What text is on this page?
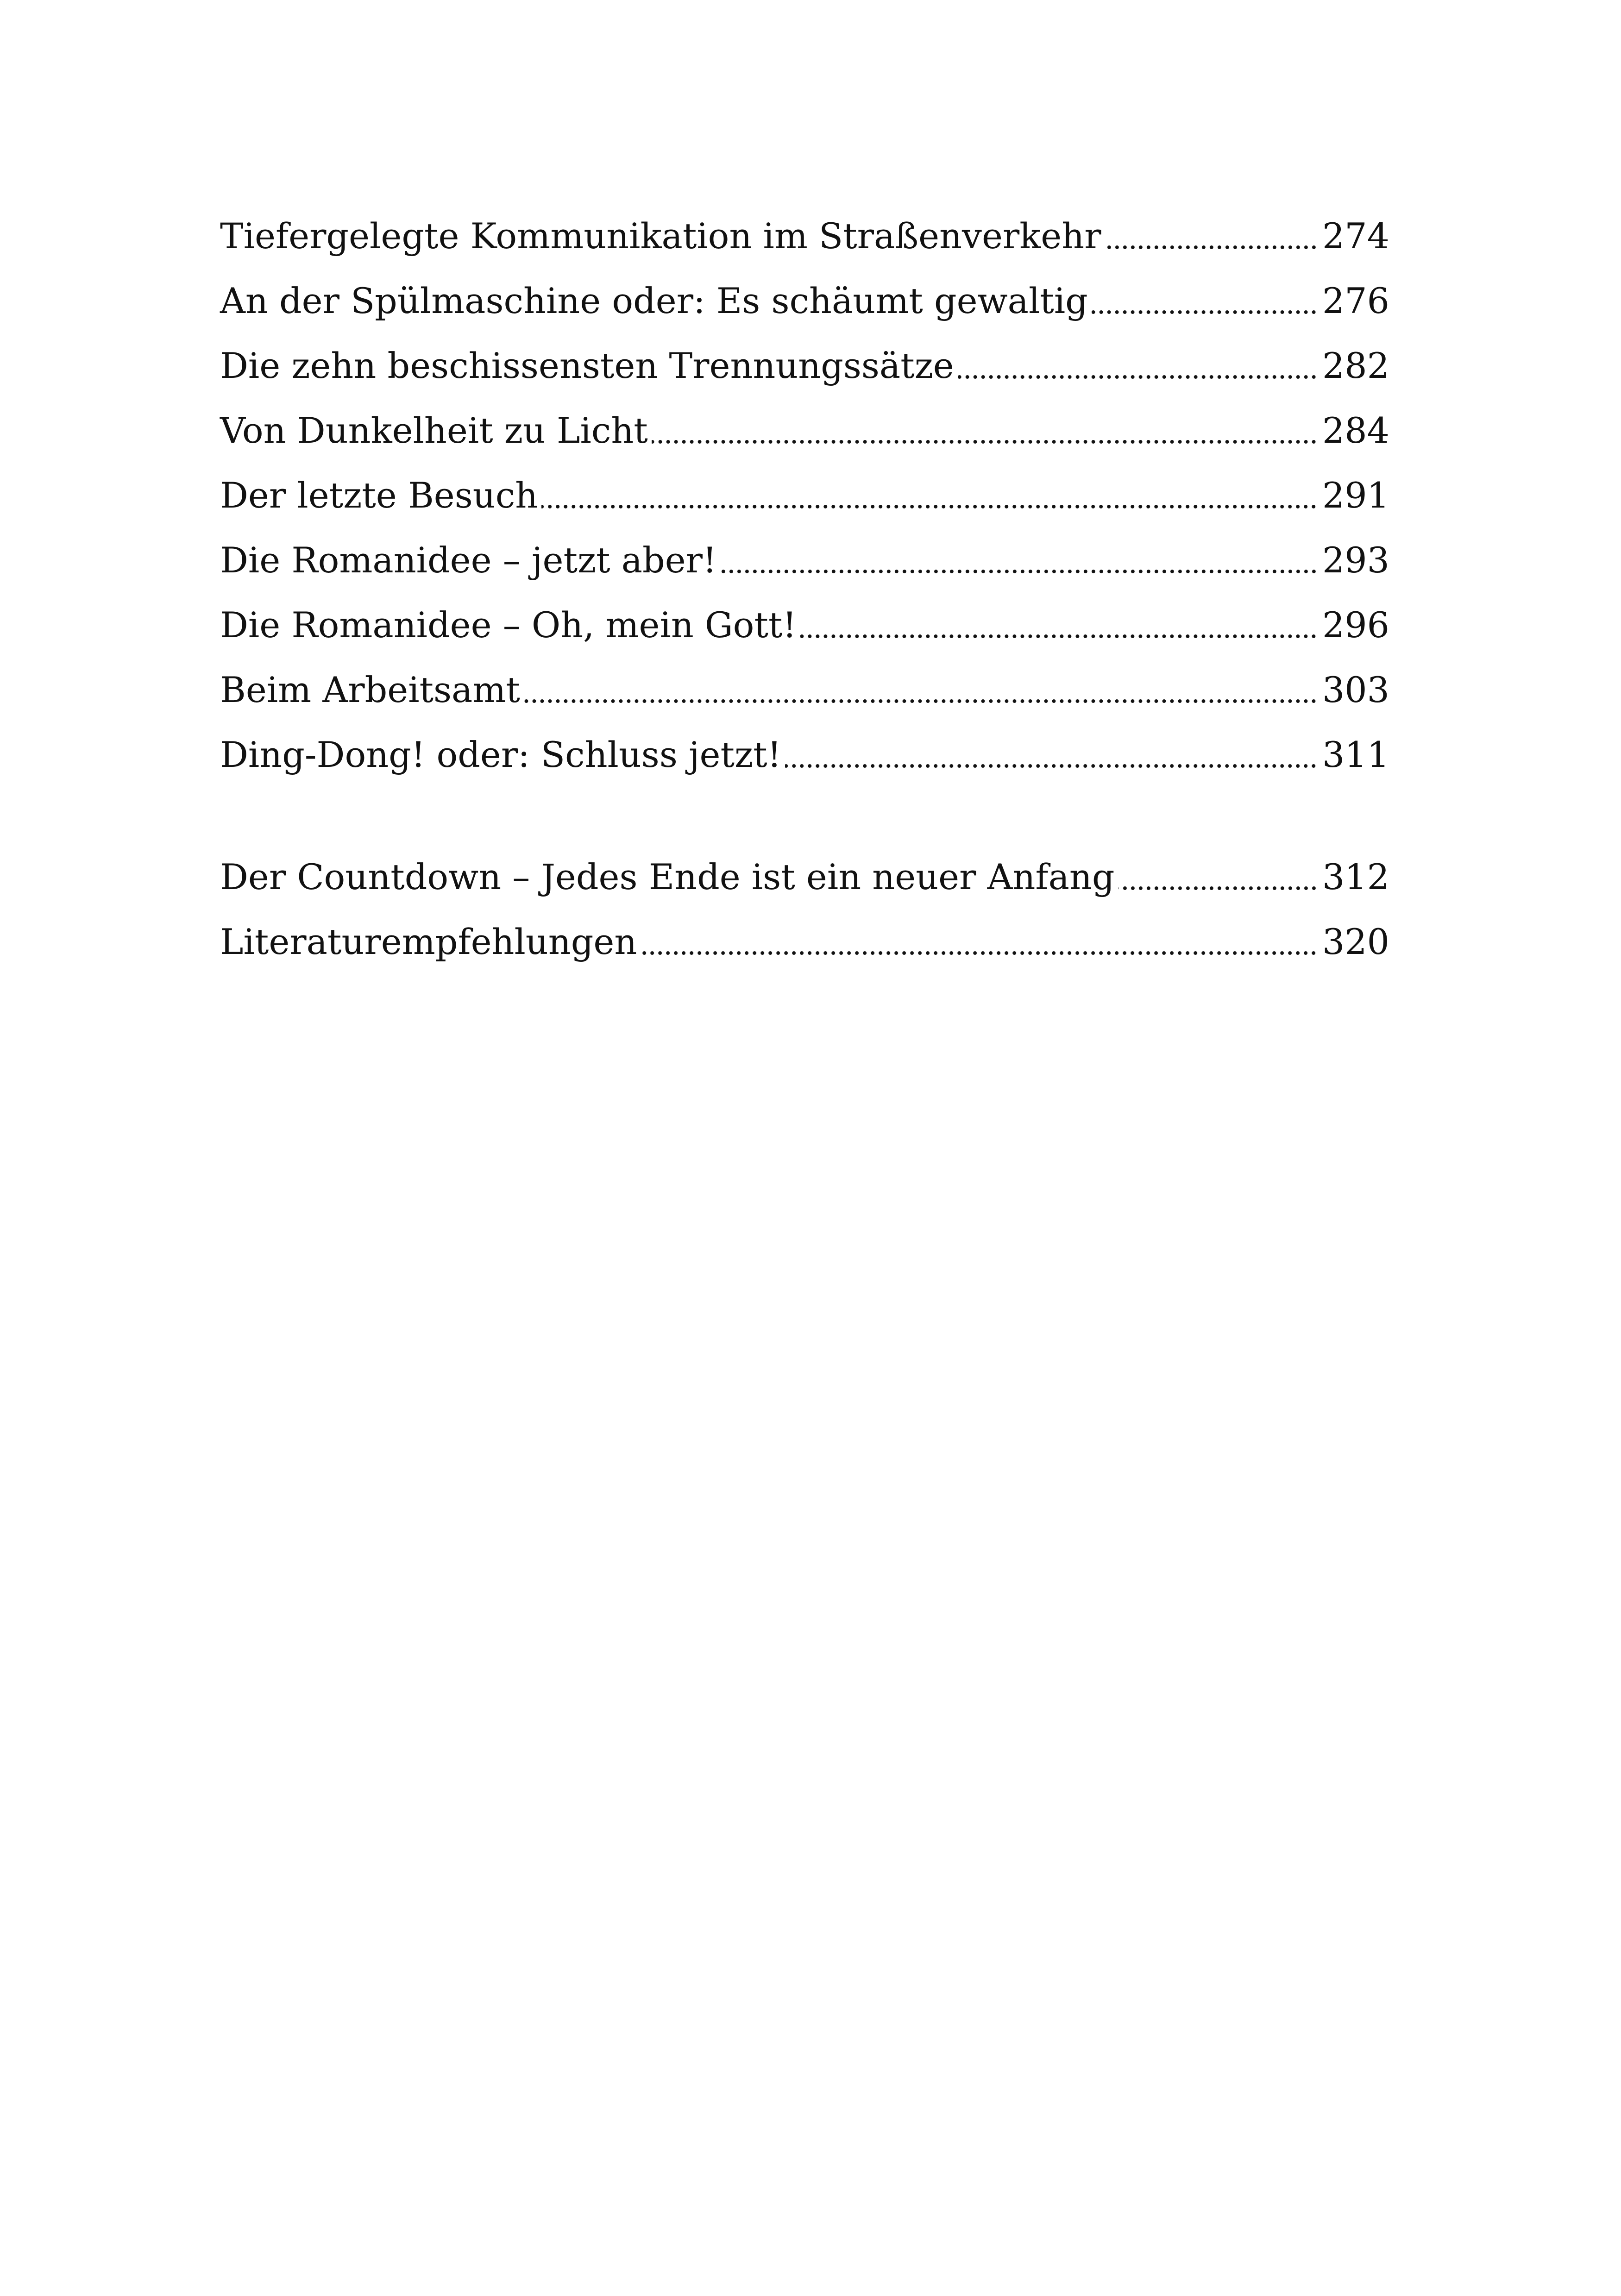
Tiefergelegte Kommunikation im Straßenverkehr	274
An der Spülmaschine oder: Es schäumt gewaltig	276
Die zehn beschissensten Trennungssätze	282
Von Dunkelheit zu Licht	284
Der letzte Besuch	291
Die Romanidee – jetzt aber!	293
Die Romanidee – Oh, mein Gott!	296
Beim Arbeitsamt	303
Ding-Dong! oder: Schluss jetzt!	311
Der Countdown – Jedes Ende ist ein neuer Anfang	312
Literaturempfehlungen	320
